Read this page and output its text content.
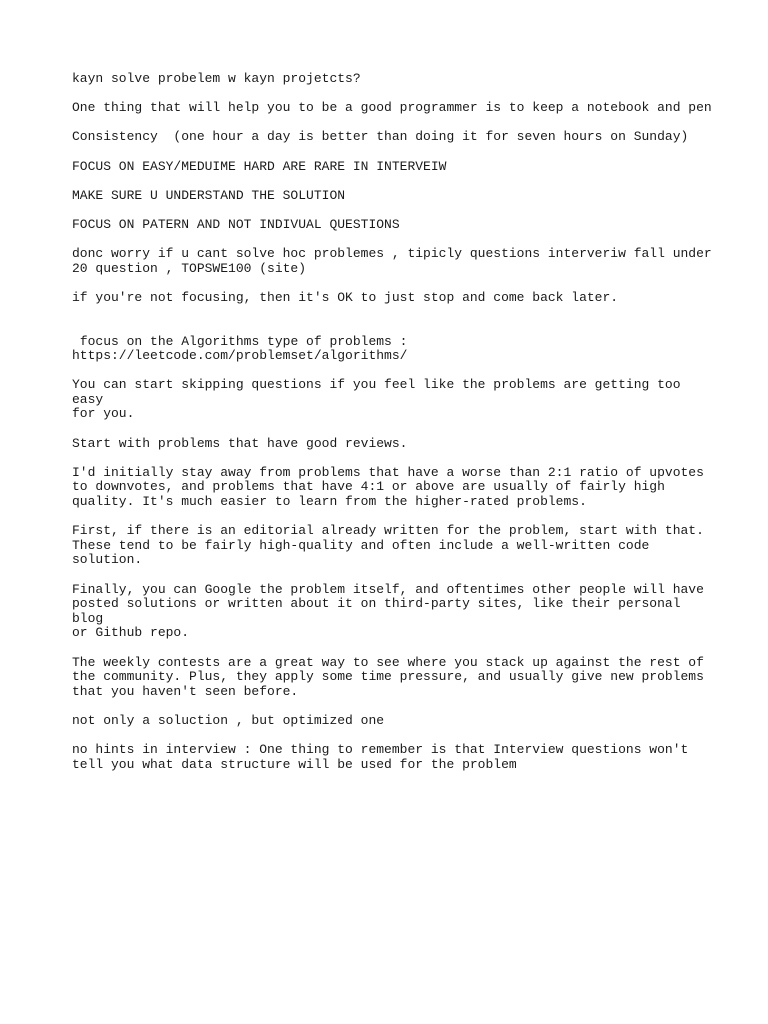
kayn solve probelem w kayn projetcts?

One thing that will help you to be a good programmer is to keep a notebook and pen

Consistency  (one hour a day is better than doing it for seven hours on Sunday)

FOCUS ON EASY/MEDUIME HARD ARE RARE IN INTERVEIW

MAKE SURE U UNDERSTAND THE SOLUTION

FOCUS ON PATERN AND NOT INDIVUAL QUESTIONS

donc worry if u cant solve hoc problemes , tipicly questions interveriw fall under
20 question , TOPSWE100 (site)

if you're not focusing, then it's OK to just stop and come back later.

focus on the Algorithms type of problems :
https://leetcode.com/problemset/algorithms/

You can start skipping questions if you feel like the problems are getting too easy
for you.

Start with problems that have good reviews.

I'd initially stay away from problems that have a worse than 2:1 ratio of upvotes
to downvotes, and problems that have 4:1 or above are usually of fairly high
quality. It's much easier to learn from the higher-rated problems.

First, if there is an editorial already written for the problem, start with that.
These tend to be fairly high-quality and often include a well-written code
solution.

Finally, you can Google the problem itself, and oftentimes other people will have
posted solutions or written about it on third-party sites, like their personal blog
or Github repo.

The weekly contests are a great way to see where you stack up against the rest of
the community. Plus, they apply some time pressure, and usually give new problems
that you haven't seen before.

not only a soluction , but optimized one

no hints in interview : One thing to remember is that Interview questions won't
tell you what data structure will be used for the problem
